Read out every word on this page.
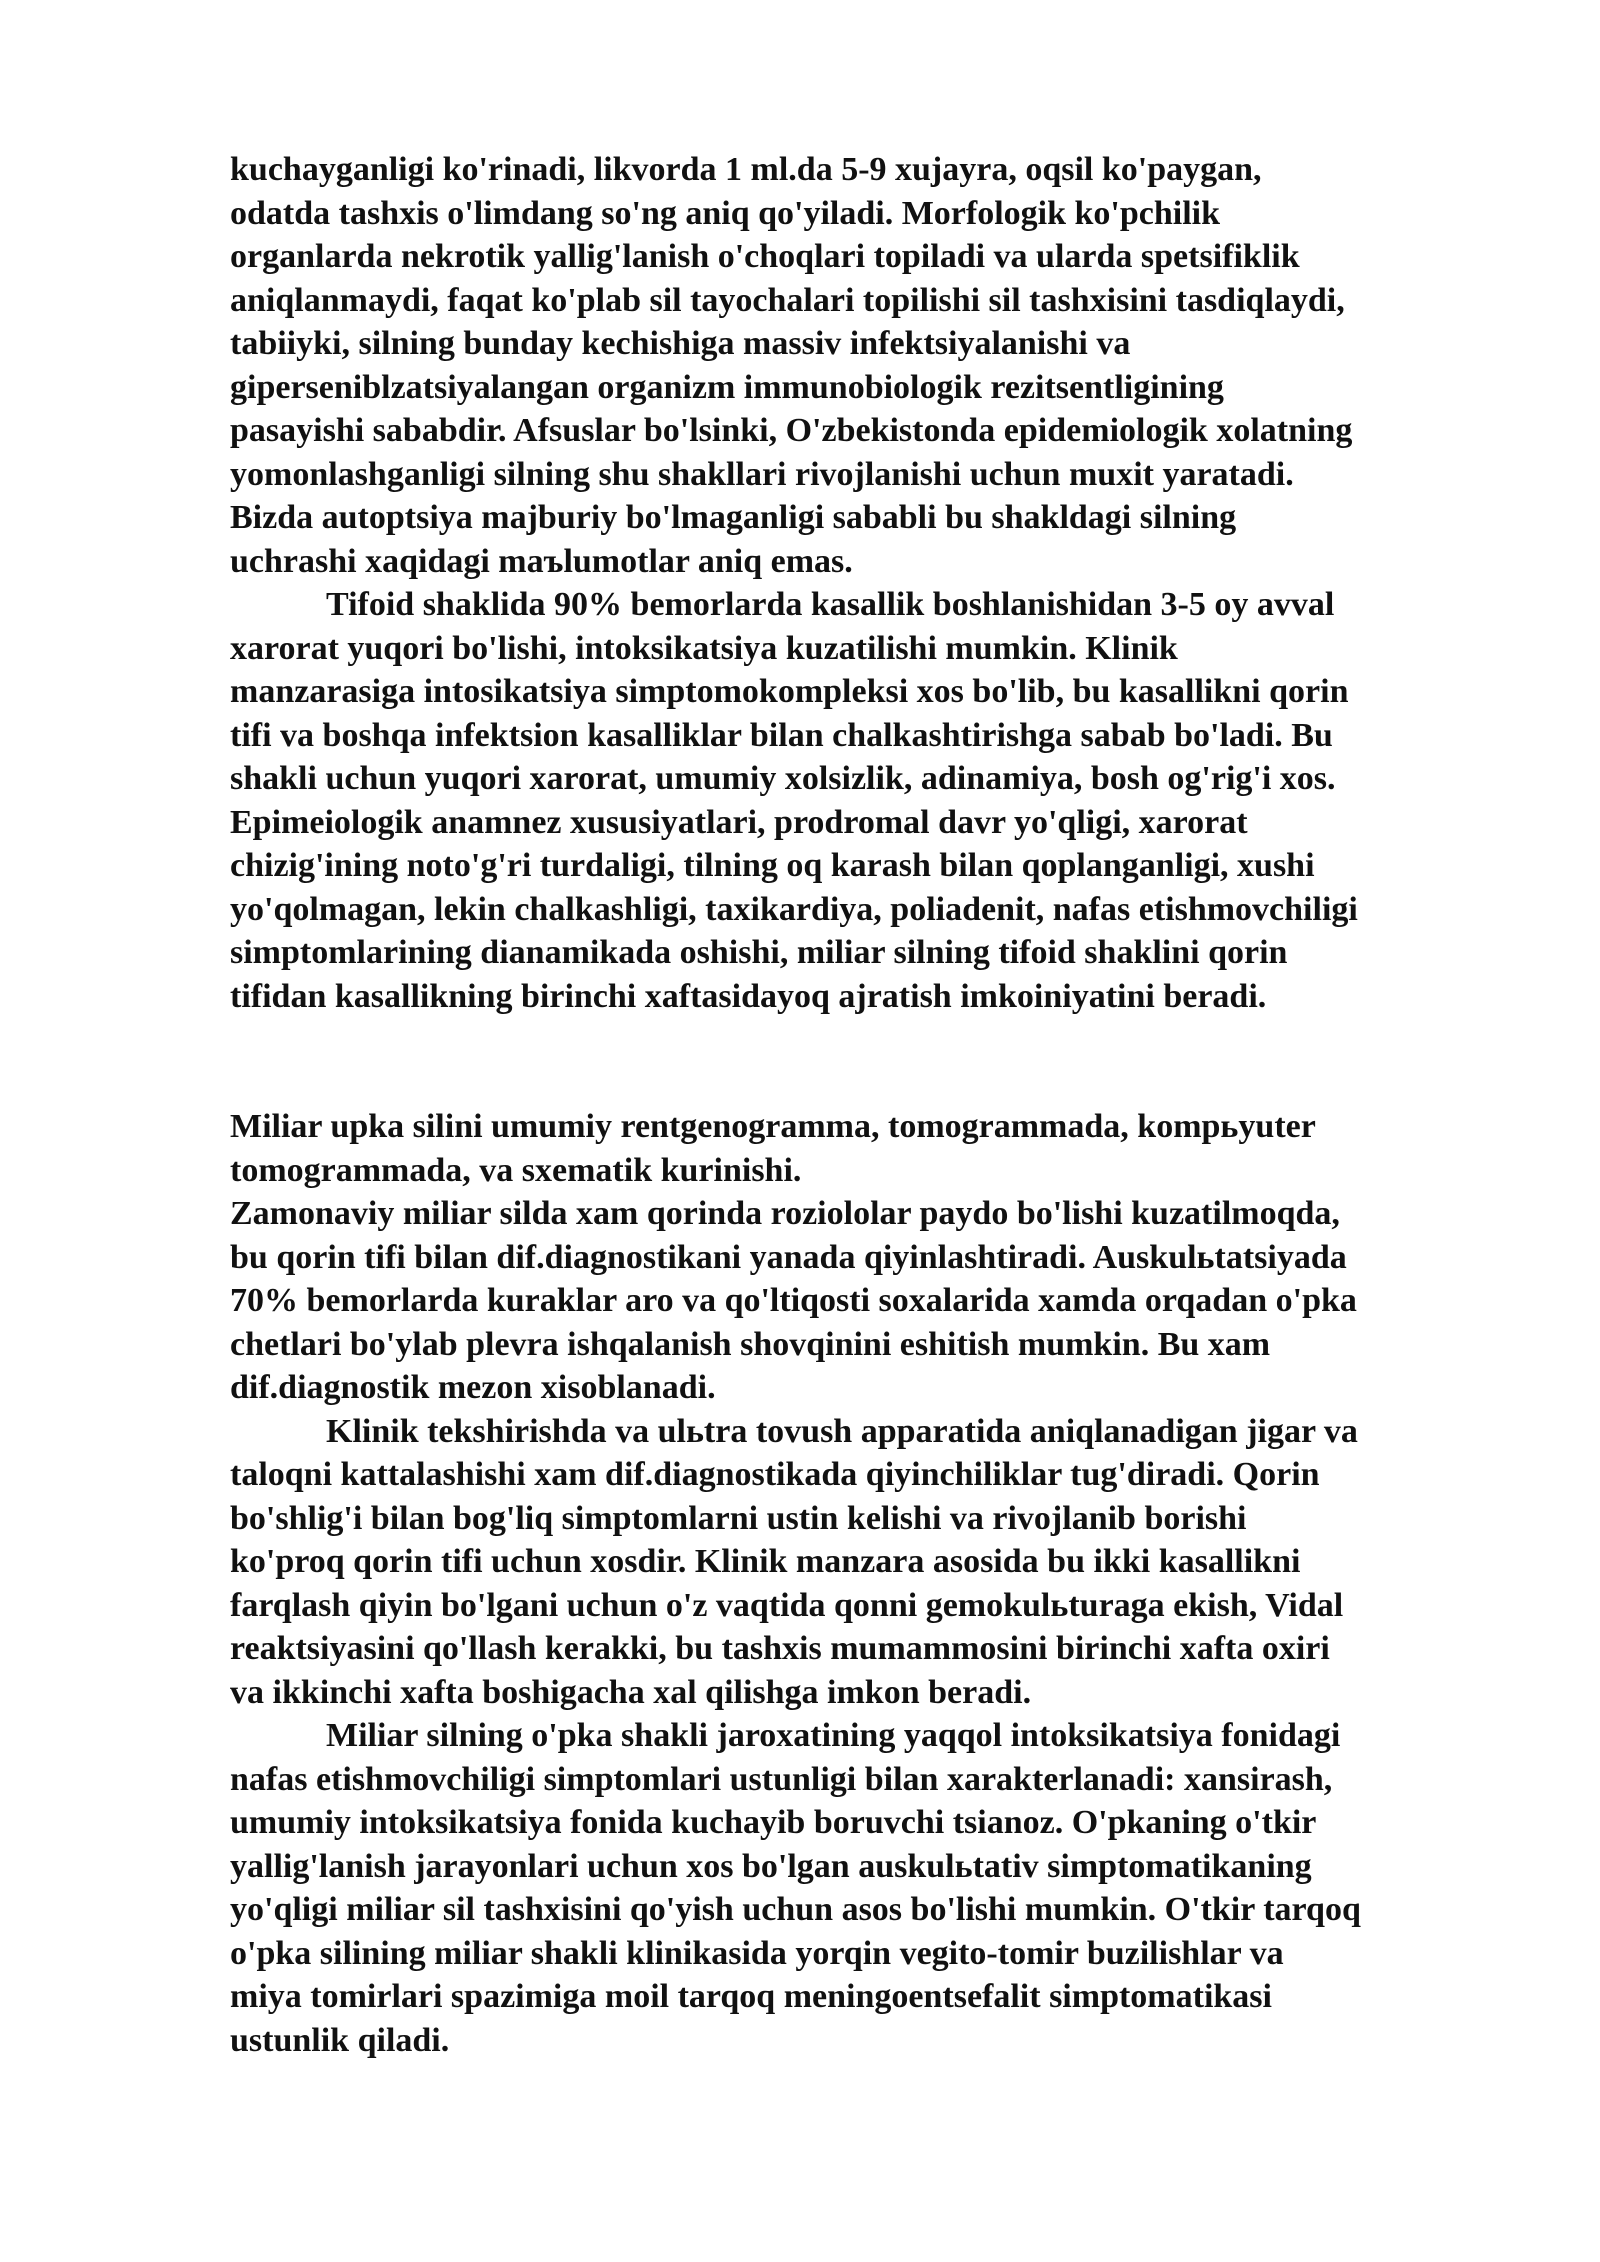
kuchayganligi ko'rinadi, likvorda 1 ml.da 5-9 xujayra, oqsil ko'paygan,
odatda tashxis o'limdang so'ng aniq qo'yiladi. Morfologik ko'pchilik
organlarda nekrotik yallig'lanish o'choqlari topiladi va ularda spetsifiklik
aniqlanmaydi, faqat ko'plab sil tayochalari topilishi sil tashxisini tasdiqlaydi,
tabiiyki, silning bunday kechishiga massiv infektsiyalanishi va
giperseniblzatsiyalangan organizm immunobiologik rezitsentligining
pasayishi sababdir. Afsuslar bo'lsinki, O'zbekistonda epidemiologik xolatning
yomonlashganligi silning shu shakllari rivojlanishi uchun muxit yaratadi.
Bizda autoptsiya majburiy bo'lmaganligi sababli bu shakldagi silning
uchrashi xaqidagi maъlumotlar aniq emas.

Tifoid shaklida 90% bemorlarda kasallik boshlanishidan 3-5 oy avval
xarorat yuqori bo'lishi, intoksikatsiya kuzatilishi mumkin. Klinik
manzarasiga intosikatsiya simptomokompleksi xos bo'lib, bu kasallikni qorin
tifi va boshqa infektsion kasalliklar bilan chalkashtirishga sabab bo'ladi. Bu
shakli uchun yuqori xarorat, umumiy xolsizlik, adinamiya, bosh og'rig'i xos.
Epimeiologik anamnez xususiyatlari, prodromal davr yo'qligi, xarorat
chizig'ining noto'g'ri turdaligi, tilning oq karash bilan qoplanganligi, xushi
yo'qolmagan, lekin chalkashligi, taxikardiya, poliadenit, nafas etishmovchiligi
simptomlarining dianamikada oshishi, miliar silning tifoid shaklini qorin
tifidan kasallikning birinchi xaftasidayoq ajratish imkoiniyatini beradi.

Miliar upka silini umumiy rentgenogramma, tomogrammada, kompьyuter
tomogrammada, va sxematik kurinishi.

Zamonaviy miliar silda xam qorinda roziololar paydo bo'lishi kuzatilmoqda,
bu qorin tifi bilan dif.diagnostikani yanada qiyinlashtiradi. Auskulьtatsiyada
70% bemorlarda kuraklar aro va qo'ltiqosti soxalarida xamda orqadan o'pka
chetlari bo'ylab plevra ishqalanish shovqinini eshitish mumkin. Bu xam
dif.diagnostik mezon xisoblanadi.

Klinik tekshirishda va ulьtra tovush apparatida aniqlanadigan jigar va
taloqni kattalashishi xam dif.diagnostikada qiyinchiliklar tug'diradi. Qorin
bo'shlig'i bilan bog'liq simptomlarni ustin kelishi va rivojlanib borishi
ko'proq qorin tifi uchun xosdir. Klinik manzara asosida bu ikki kasallikni
farqlash qiyin bo'lgani uchun o'z vaqtida qonni gemokulьturaga ekish, Vidal
reaktsiyasini qo'llash kerakki, bu tashxis mumammosini birinchi xafta oxiri
va ikkinchi xafta boshigacha xal qilishga imkon beradi.

Miliar silning o'pka shakli jaroxatining yaqqol intoksikatsiya fonidagi
nafas etishmovchiligi simptomlari ustunligi bilan xarakterlanadi: xansirash,
umumiy intoksikatsiya fonida kuchayib boruvchi tsianoz. O'pkaning o'tkir
yallig'lanish jarayonlari uchun xos bo'lgan auskulьtativ simptomatikaning
yo'qligi miliar sil tashxisini qo'yish uchun asos bo'lishi mumkin. O'tkir tarqoq
o'pka silining miliar shakli klinikasida yorqin vegito-tomir buzilishlar va
miya tomirlari spazimiga moil tarqoq meningoentsefalit simptomatikasi
ustunlik qiladi.
